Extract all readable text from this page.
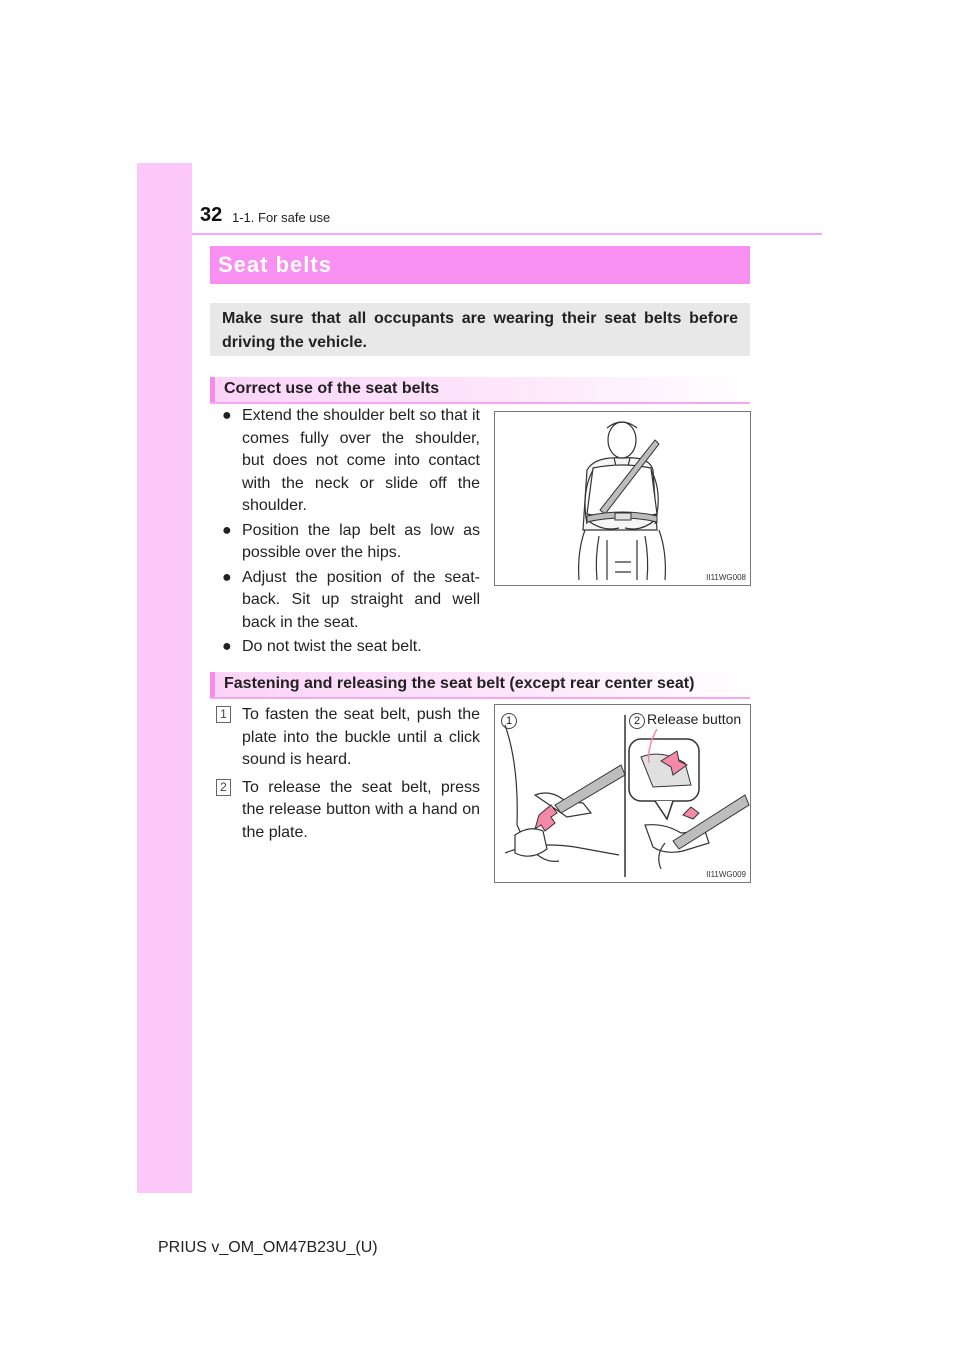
32 1-1. For safe use
Seat belts

Make sure that all occupants are wearing their seat belts before driving the vehicle.

Correct use of the seat belts
● Extend the shoulder belt so that it comes fully over the shoulder, but does not come into contact with the neck or slide off the shoulder.
● Position the lap belt as low as possible over the hips.
● Adjust the position of the seat-back. Sit up straight and well back in the seat.
● Do not twist the seat belt.
II11WG008
Fastening and releasing the seat belt (except rear center seat)
1 To fasten the seat belt, push the plate into the buckle until a click sound is heard.
2 To release the seat belt, press the release button with a hand on the plate.
1	2 Release button
II11WG009
PRIUS v_OM_OM47B23U_(U)
